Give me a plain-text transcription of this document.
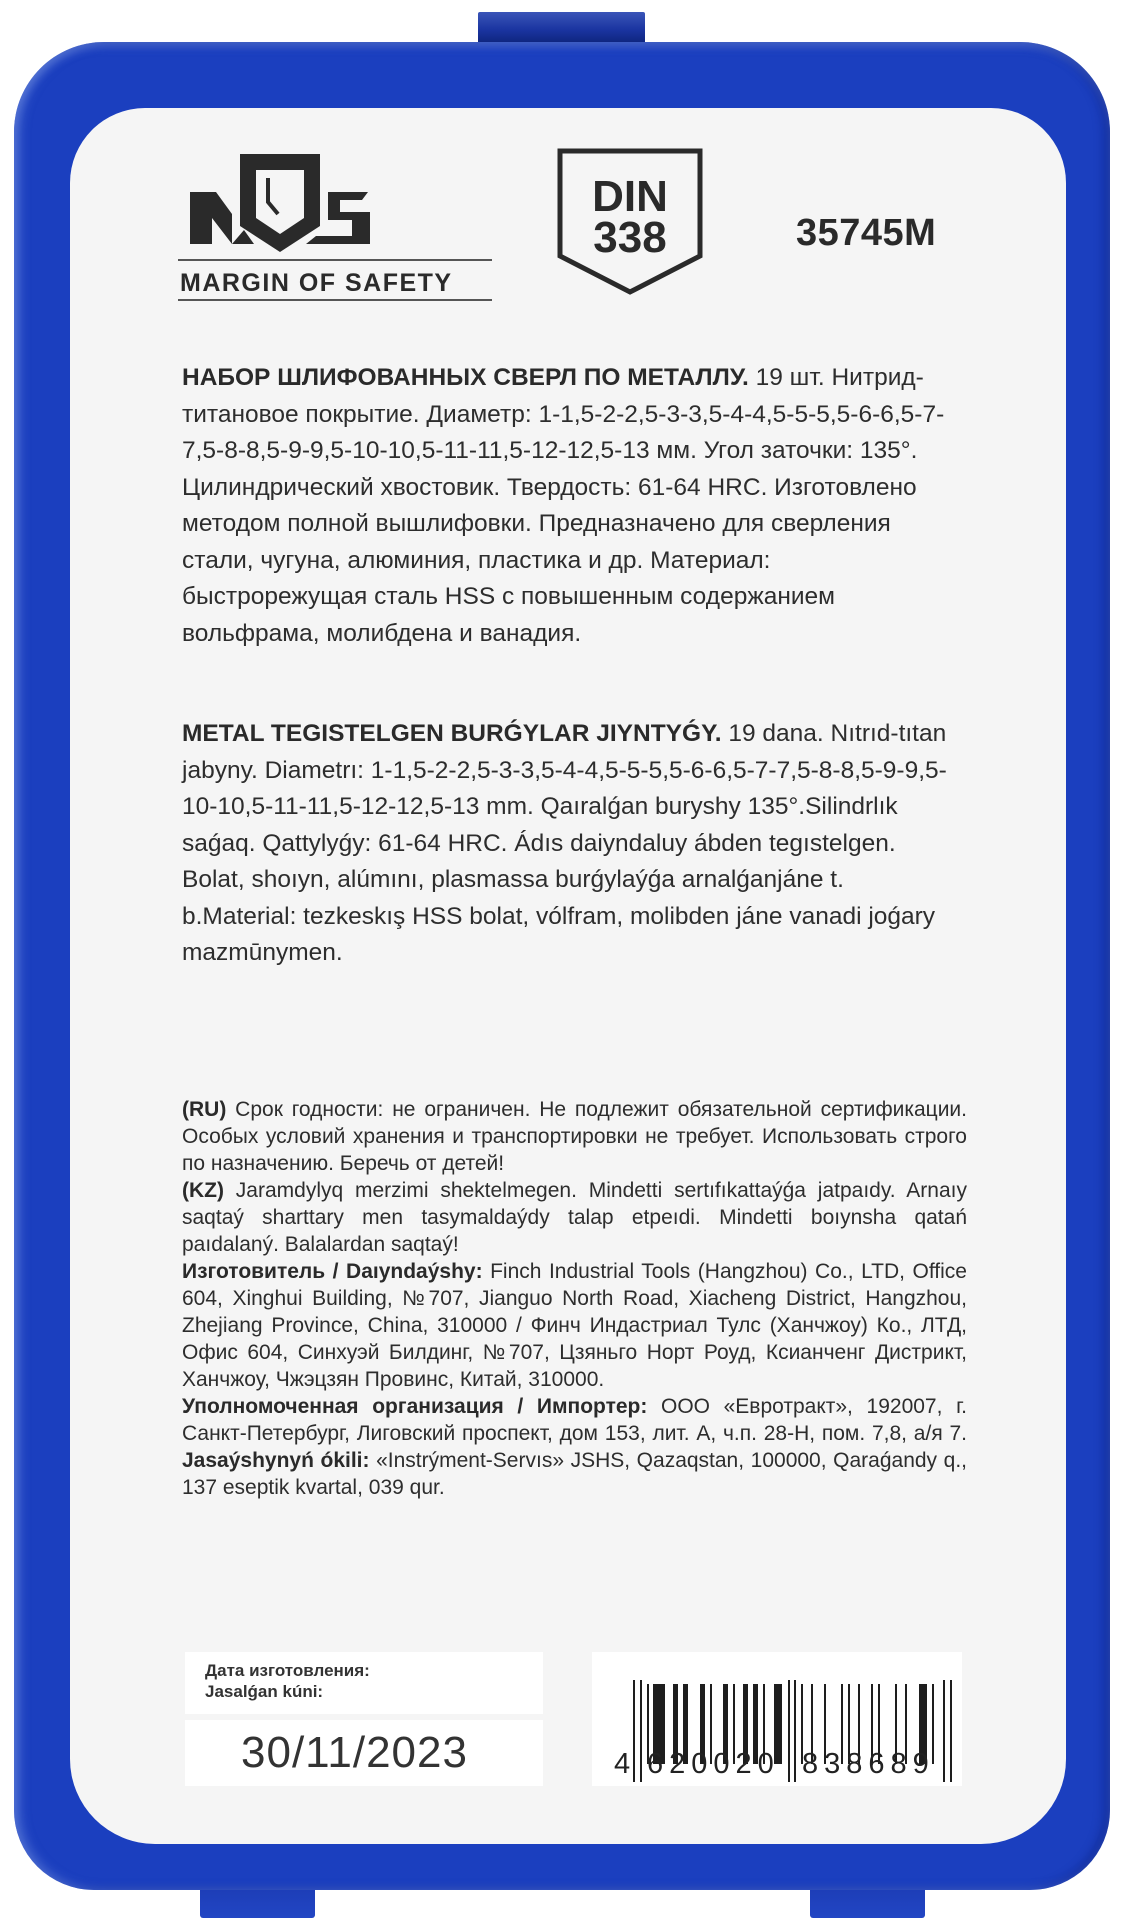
MARGIN OF SAFETY
DIN
338	35745M
НАБОР ШЛИФОВАННЫХ СВЕРЛ ПО МЕТАЛЛУ. 19 шт. Нитрид-титановое покрытие. Диаметр: 1-1,5-2-2,5-3-3,5-4-4,5-5-5,5-6-6,5-7-7,5-8-8,5-9-9,5-10-10,5-11-11,5-12-12,5-13 мм. Угол заточки: 135°. Цилиндрический хвостовик. Твердость: 61-64 HRC. Изготовлено методом полной вышлифовки. Предназначено для сверления стали, чугуна, алюминия, пластика и др. Материал: быстрорежущая сталь HSS с повышенным содержанием вольфрама, молибдена и ванадия.
METAL TEGISTELGEN BURǴYLAR JIYNTYǴY. 19 dana. Nıtrıd-tıtan jabyny. Diametrı: 1-1,5-2-2,5-3-3,5-4-4,5-5-5,5-6-6,5-7-7,5-8-8,5-9-9,5-10-10,5-11-11,5-12-12,5-13 mm. Qaıralǵan buryshy 135°.Silindrlık saǵaq. Qattylyǵy: 61-64 HRC. Ádıs daiyndaluy ábden tegıstelgen. Bolat, shoıyn, alúmını, plasmassa burǵylaýǵa arnalǵanjáne t. b.Material: tezkeskış HSS bolat, vólfram, molibden jáne vanadi joǵary mazmūnymen.

(RU) Срок годности: не ограничен. Не подлежит обязательной сертификации. Особых условий хранения и транспортировки не требует. Использовать строго по назначению. Беречь от детей!

(KZ) Jaramdylyq merzimi shektelmegen. Mindetti sertıfıkattaýǵa jatpaıdy. Arnaıy saqtaý sharttary men tasymaldaýdy talap etpeıdi. Mindetti boıynsha qatań paıdalaný. Balalardan saqtaý!

Изготовитель / Daıyndaýshy: Finch Industrial Tools (Hangzhou) Co., LTD, Office 604, Xinghui Building, №707, Jianguo North Road, Xiacheng District, Hangzhou, Zhejiang Province, China, 310000 / Финч Индастриал Тулс (Ханчжоу) Ко., ЛТД, Офис 604, Синхуэй Билдинг, №707, Цзяньго Норт Роуд, Ксианченг Дистрикт, Ханчжоу, Чжэцзян Провинс, Китай, 310000.

Уполномоченная организация / Импортер: ООО «Евротракт», 192007, г. Санкт-Петербург, Лиговский проспект, дом 153, лит. А, ч.п. 28-Н, пом. 7,8, а/я 7. Jasaýshynyń ókili: «Instrýment-Servıs» JSHS, Qazaqstan, 100000, Qaraǵandy q., 137 eseptik kvartal, 039 qur.

Дата изготовления:
Jasalǵan kúni:
30/11/2023	4 620020 838689
